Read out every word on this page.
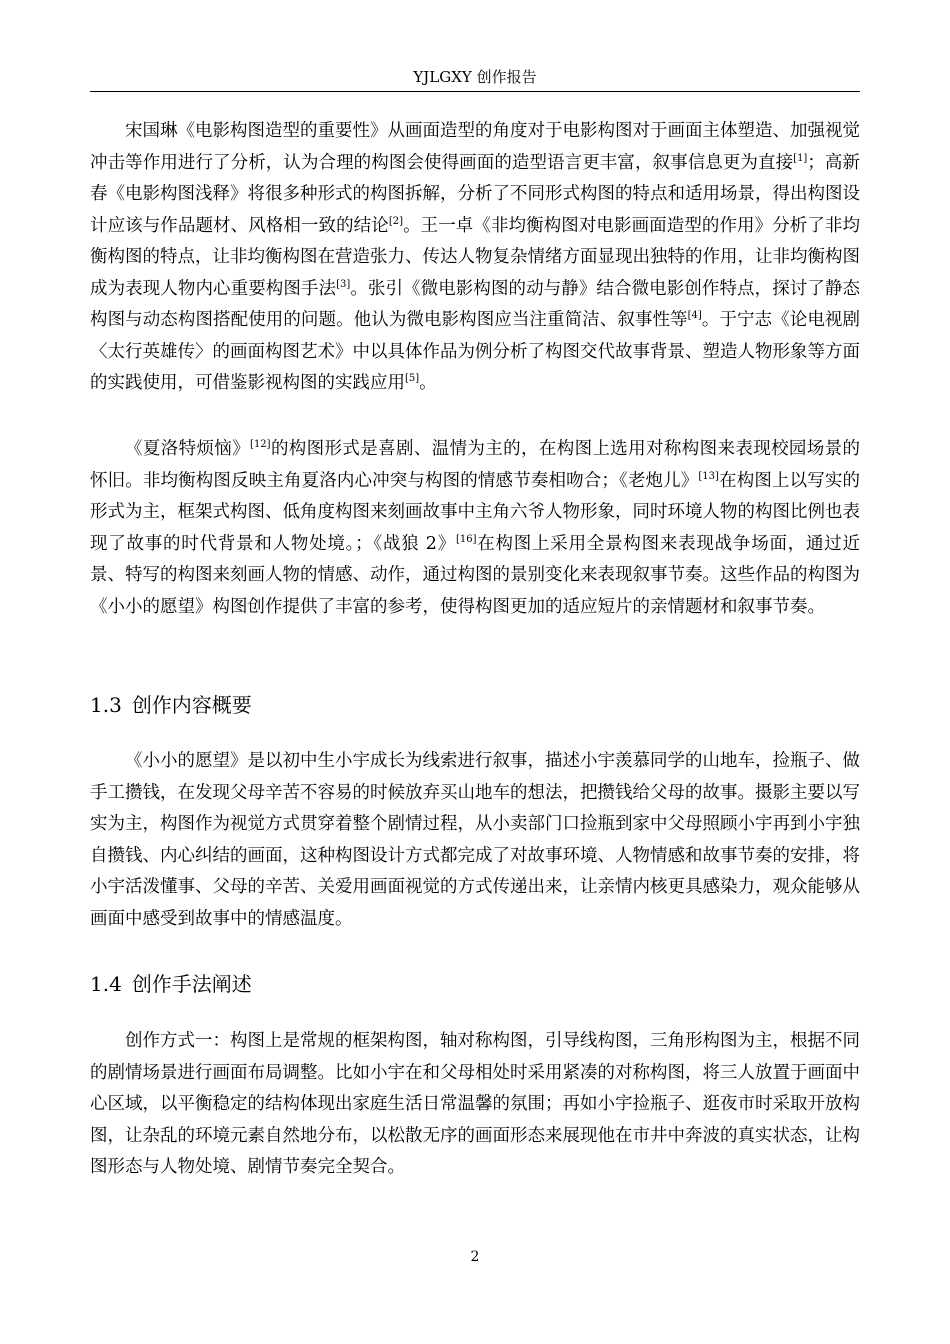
YJLGXY 创作报告

宋国琳《电影构图造型的重要性》从画面造型的角度对于电影构图对于画面主体塑造、加强视觉冲击等作用进行了分析，认为合理的构图会使得画面的造型语言更丰富，叙事信息更为直接[1]；高新春《电影构图浅释》将很多种形式的构图拆解，分析了不同形式构图的特点和适用场景，得出构图设计应该与作品题材、风格相一致的结论[2]。王一卓《非均衡构图对电影画面造型的作用》分析了非均衡构图的特点，让非均衡构图在营造张力、传达人物复杂情绪方面显现出独特的作用，让非均衡构图成为表现人物内心重要构图手法[3]。张引《微电影构图的动与静》结合微电影创作特点，探讨了静态构图与动态构图搭配使用的问题。他认为微电影构图应当注重简洁、叙事性等[4]。于宁志《论电视剧〈太行英雄传〉的画面构图艺术》中以具体作品为例分析了构图交代故事背景、塑造人物形象等方面的实践使用，可借鉴影视构图的实践应用[5]。

《夏洛特烦恼》[12]的构图形式是喜剧、温情为主的，在构图上选用对称构图来表现校园场景的怀旧。非均衡构图反映主角夏洛内心冲突与构图的情感节奏相吻合；《老炮儿》[13]在构图上以写实的形式为主，框架式构图、低角度构图来刻画故事中主角六爷人物形象，同时环境人物的构图比例也表现了故事的时代背景和人物处境。；《战狼 2》[16]在构图上采用全景构图来表现战争场面，通过近景、特写的构图来刻画人物的情感、动作，通过构图的景别变化来表现叙事节奏。这些作品的构图为《小小的愿望》构图创作提供了丰富的参考，使得构图更加的适应短片的亲情题材和叙事节奏。

1.3 创作内容概要

《小小的愿望》是以初中生小宇成长为线索进行叙事，描述小宇羡慕同学的山地车，捡瓶子、做手工攒钱，在发现父母辛苦不容易的时候放弃买山地车的想法，把攒钱给父母的故事。摄影主要以写实为主，构图作为视觉方式贯穿着整个剧情过程，从小卖部门口捡瓶到家中父母照顾小宇再到小宇独自攒钱、内心纠结的画面，这种构图设计方式都完成了对故事环境、人物情感和故事节奏的安排，将小宇活泼懂事、父母的辛苦、关爱用画面视觉的方式传递出来，让亲情内核更具感染力，观众能够从画面中感受到故事中的情感温度。

1.4 创作手法阐述

创作方式一：构图上是常规的框架构图，轴对称构图，引导线构图，三角形构图为主，根据不同的剧情场景进行画面布局调整。比如小宇在和父母相处时采用紧凑的对称构图，将三人放置于画面中心区域，以平衡稳定的结构体现出家庭生活日常温馨的氛围；再如小宇捡瓶子、逛夜市时采取开放构图，让杂乱的环境元素自然地分布，以松散无序的画面形态来展现他在市井中奔波的真实状态，让构图形态与人物处境、剧情节奏完全契合。

2
